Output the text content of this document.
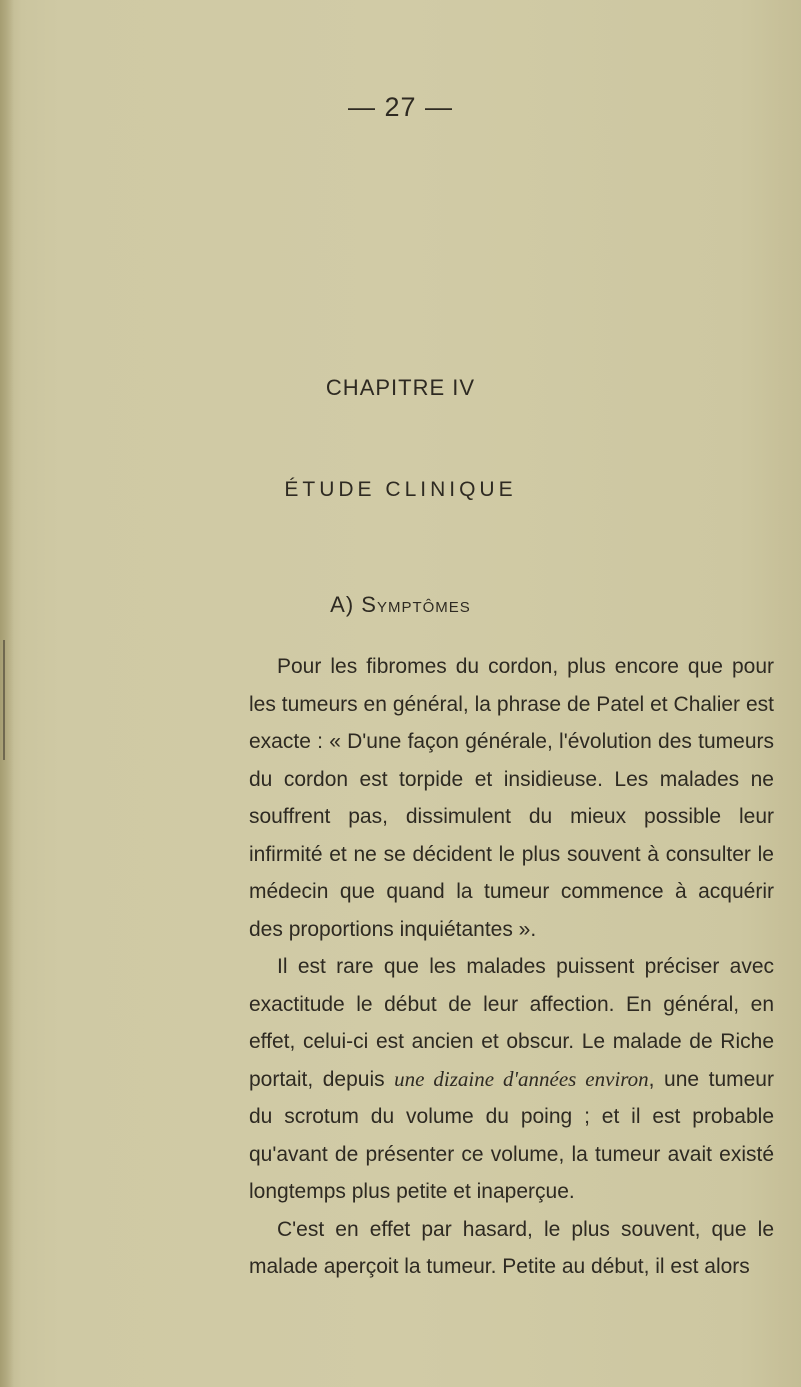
— 27 —
CHAPITRE IV
ÉTUDE CLINIQUE
A) Symptômes

Pour les fibromes du cordon, plus encore que pour les tumeurs en général, la phrase de Patel et Chalier est exacte : « D'une façon générale, l'évolution des tumeurs du cordon est torpide et insidieuse. Les malades ne souffrent pas, dissimulent du mieux possible leur infirmité et ne se décident le plus souvent à consulter le médecin que quand la tumeur commence à acquérir des proportions inquiétantes ».

Il est rare que les malades puissent préciser avec exactitude le début de leur affection. En général, en effet, celui-ci est ancien et obscur. Le malade de Riche portait, depuis une dizaine d'années environ, une tumeur du scrotum du volume du poing ; et il est probable qu'avant de présenter ce volume, la tumeur avait existé longtemps plus petite et inaperçue.

C'est en effet par hasard, le plus souvent, que le malade aperçoit la tumeur. Petite au début, il est alors
